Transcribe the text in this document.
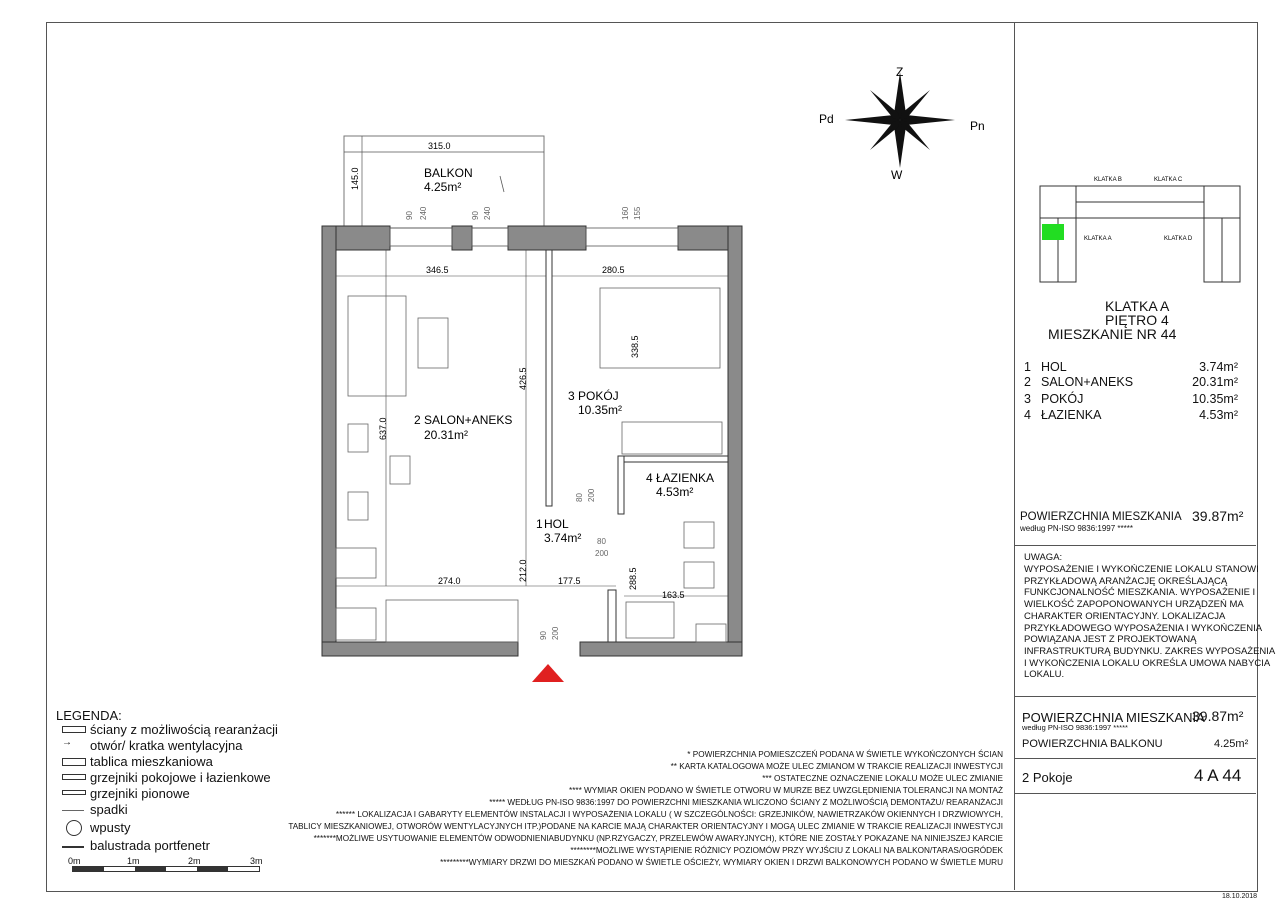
Z
W
Pn
Pd
315.0
145.0	BALKON
4.25m²
90 240	90 240	160 155
346.5	280.5
338.5
426.5
637.0
80 200
80
200
274.0	212.0	177.5	288.5
163.5
90 200
2 SALON+ANEKS
20.31m²
3 POKÓJ
10.35m²
4 ŁAZIENKA
4.53m²
1 HOL
3.74m²
KLATKA B	KLATKA C
KLATKA A	KLATKA D
KLATKA A
PIĘTRO 4
MIESZKANIE NR 44
1 HOL	3.74m²
2 SALON+ANEKS	20.31m²
3 POKÓJ	10.35m²
4 ŁAZIENKA	4.53m²
POWIERZCHNIA MIESZKANIA
według PN-ISO 9836:1997 *****
39.87m²
UWAGA:
WYPOSAŻENIE I WYKOŃCZENIE LOKALU STANOWI
PRZYKŁADOWĄ ARANŻACJĘ OKREŚLAJĄCĄ
FUNKCJONALNOŚĆ MIESZKANIA. WYPOSAŻENIE I
WIELKOŚĆ ZAPOPONOWANYCH URZĄDZEŃ MA
CHARAKTER ORIENTACYJNY. LOKALIZACJA
PRZYKŁADOWEGO WYPOSAŻENIA I WYKOŃCZENIA
POWIĄZANA JEST Z PROJEKTOWANĄ
INFRASTRUKTURĄ BUDYNKU. ZAKRES WYPOSAŻENIA
I WYKOŃCZENIA LOKALU OKREŚLA UMOWA NABYCIA
LOKALU.
POWIERZCHNIA MIESZKANIA
według PN-ISO 9836:1997 *****
39.87m²
POWIERZCHNIA BALKONU	4.25m²
2 Pokoje	4 A 44
18.10.2018
LEGENDA:
ściany z możliwością rearanżacji
→	otwór/ kratka wentylacyjna
tablica mieszkaniowa
grzejniki pokojowe i łazienkowe
grzejniki pionowe
spadki
wpusty
balustrada portfenetr
0m	1m	2m	3m
* POWIERZCHNIA POMIESZCZEŃ PODANA W ŚWIETLE WYKOŃCZONYCH ŚCIAN
** KARTA KATALOGOWA MOŻE ULEC ZMIANOM W TRAKCIE REALIZACJI INWESTYCJI
*** OSTATECZNE OZNACZENIE LOKALU MOŻE ULEC ZMIANIE
**** WYMIAR OKIEN PODANO W ŚWIETLE OTWORU W MURZE BEZ UWZGLĘDNIENIA TOLERANCJI NA MONTAŻ
***** WEDŁUG PN-ISO 9836:1997 DO POWIERZCHNI MIESZKANIA WLICZONO ŚCIANY Z MOŻLIWOŚCIĄ DEMONTAŻU/ REARANŻACJI
****** LOKALIZACJA I GABARYTY ELEMENTÓW INSTALACJI I WYPOSAŻENIA LOKALU ( W SZCZEGÓLNOŚCI: GRZEJNIKÓW, NAWIETRZAKÓW OKIENNYCH I DRZWIOWYCH,
TABLICY MIESZKANIOWEJ, OTWORÓW WENTYLACYJNYCH ITP.)PODANE NA KARCIE MAJĄ CHARAKTER ORIENTACYJNY I MOGĄ ULEC ZMIANIE W TRAKCIE REALIZACJI INWESTYCJI
*******MOŻLIWE USYTUOWANIE ELEMENTÓW ODWODNIENIABUDYNKU (NP.RZYGACZY, PRZELEWÓW AWARYJNYCH), KTÓRE NIE ZOSTAŁY POKAZANE NA NINIEJSZEJ KARCIE
********MOŻLIWE WYSTĄPIENIE RÓŻNICY POZIOMÓW PRZY WYJŚCIU Z LOKALI NA BALKON/TARAS/OGRÓDEK
*********WYMIARY DRZWI DO MIESZKAŃ PODANO W ŚWIETLE OŚCIEŻY, WYMIARY OKIEN I DRZWI BALKONOWYCH PODANO W ŚWIETLE MURU
